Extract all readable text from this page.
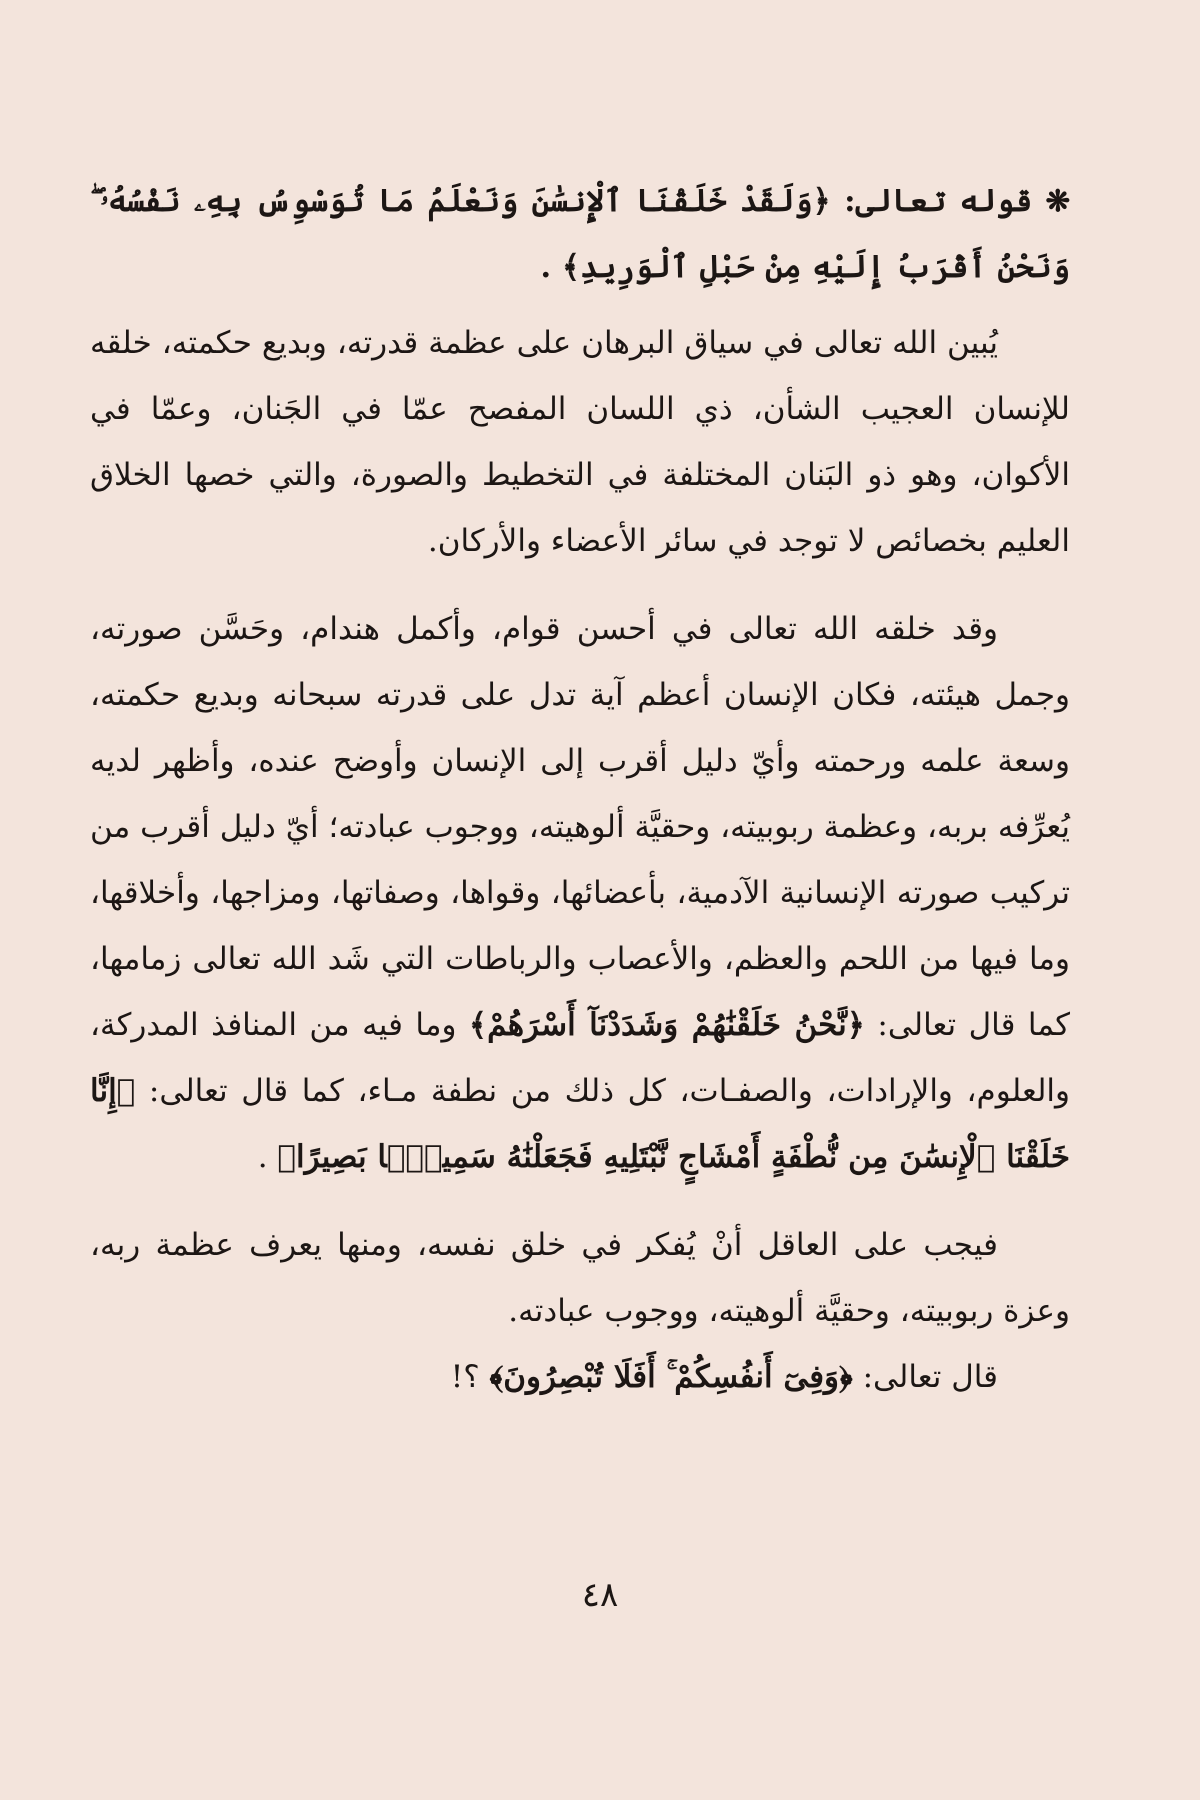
❋ قوله تعالى: ﴿وَلَقَدْ خَلَقْنَا ٱلْإِنسَٰنَ وَنَعْلَمُ مَا تُوَسْوِسُ بِهِۦ نَفْسُهُۥ ۖ وَنَحْنُ أَقْرَبُ إِلَيْهِ مِنْ حَبْلِ ٱلْوَرِيدِ﴾ .

يُبين الله تعالى في سياق البرهان على عظمة قدرته، وبديع حكمته، خلقه للإنسان العجيب الشأن، ذي اللسان المفصح عمّا في الجَنان، وعمّا في الأكوان، وهو ذو البَنان المختلفة في التخطيط والصورة، والتي خصها الخلاق العليم بخصائص لا توجد في سائر الأعضاء والأركان.

وقد خلقه الله تعالى في أحسن قوام، وأكمل هندام، وحَسَّن صورته، وجمل هيئته، فكان الإنسان أعظم آية تدل على قدرته سبحانه وبديع حكمته، وسعة علمه ورحمته وأيّ دليل أقرب إلى الإنسان وأوضح عنده، وأظهر لديه يُعرِّفه بربه، وعظمة ربوبيته، وحقيَّة ألوهيته، ووجوب عبادته؛ أيّ دليل أقرب من تركيب صورته الإنسانية الآدمية، بأعضائها، وقواها، وصفاتها، ومزاجها، وأخلاقها، وما فيها من اللحم والعظم، والأعصاب والرباطات التي شَد الله تعالى زمامها، كما قال تعالى: ﴿نَّحْنُ خَلَقْنَٰهُمْ وَشَدَدْنَآ أَسْرَهُمْ﴾ وما فيه من المنافذ المدركة، والعلوم، والإرادات، والصفـات، كل ذلك من نطفة مـاء، كما قال تعالى: ﴿إِنَّا خَلَقْنَا ٱلْإِنسَٰنَ مِن نُّطْفَةٍ أَمْشَاجٍ نَّبْتَلِيهِ فَجَعَلْنَٰهُ سَمِيعًۢا بَصِيرًا﴾ .

فيجب على العاقل أنْ يُفكر في خلق نفسه، ومنها يعرف عظمة ربه، وعزة ربوبيته، وحقيَّة ألوهيته، ووجوب عبادته.

قال تعالى: ﴿وَفِىٓ أَنفُسِكُمْ ۚ أَفَلَا تُبْصِرُونَ﴾ ؟!

٤٨
